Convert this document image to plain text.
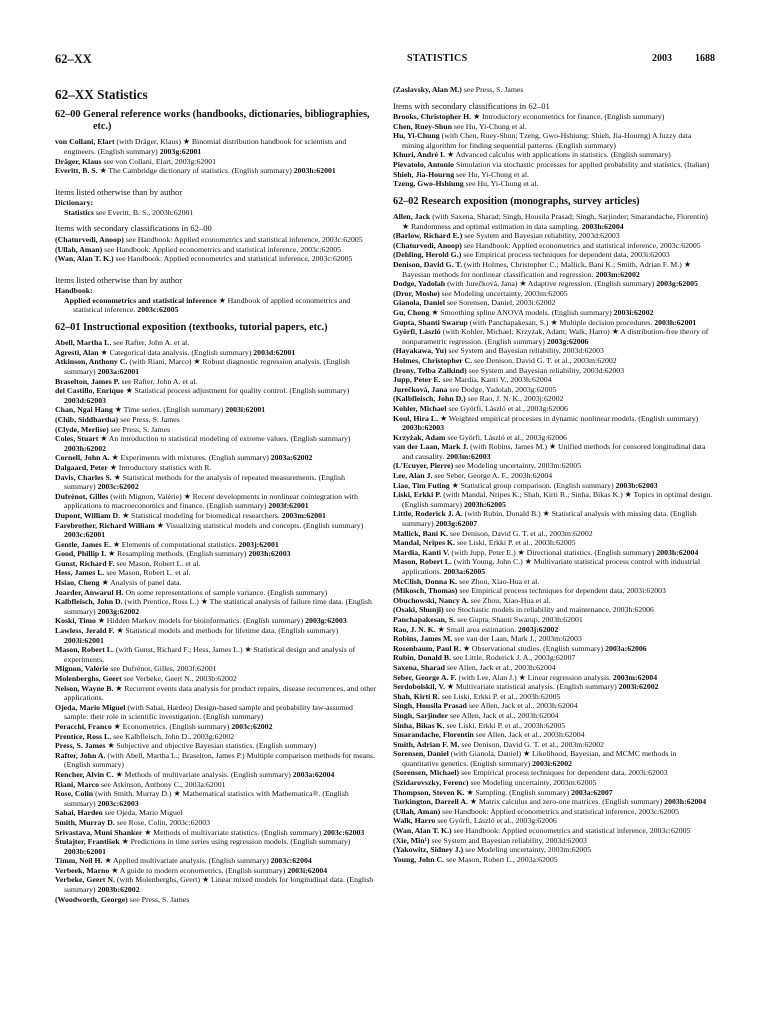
62–XX	STATISTICS	2003 1688
62–XX Statistics
62–00 General reference works (handbooks, dictionaries, bibliographies, etc.)
von Collani, Elart (with Dräger, Klaus) ★ Binomial distribution handbook for scientists and engineers. (English summary) 2003g:62001
Dräger, Klaus see von Collani, Elart, 2003g:62001
Everitt, B. S. ★ The Cambridge dictionary of statistics. (English summary) 2003h:62001
Items listed otherwise than by author
Dictionary:
Statistics see Everitt, B. S., 2003h:62001
Items with secondary classifications in 62–00
(Chaturvedi, Anoop) see Handbook: Applied econometrics and statistical inference, 2003c:62005
(Ullah, Aman) see Handbook: Applied econometrics and statistical inference, 2003c:62005
(Wan, Alan T. K.) see Handbook: Applied econometrics and statistical inference, 2003c:62005
Items listed otherwise than by author
Handbook:
Applied econometrics and statistical inference ★ Handbook of applied econometrics and statistical inference. 2003c:62005
62–01 Instructional exposition (textbooks, tutorial papers, etc.)
Abell, Martha L. see Rafter, John A. et al.
Agresti, Alan ★ Categorical data analysis. (English summary) 2003d:62001
Atkinson, Anthony C. (with Riani, Marco) ★ Robust diagnostic regression analysis. (English summary) 2003a:62001
Braselton, James P. see Rafter, John A. et al.
del Castillo, Enrique ★ Statistical process adjustment for quality control. (English summary) 2003d:62003
Chan, Ngai Hang ★ Time series. (English summary) 2003i:62001
(Chib, Siddhartha) see Press, S. James
(Clyde, Merlise) see Press, S. James
Coles, Stuart ★ An introduction to statistical modeling of extreme values. (English summary) 2003h:62002
Cornell, John A. ★ Experiments with mixtures. (English summary) 2003a:62002
Dalgaard, Peter ★ Introductory statistics with R.
Davis, Charles S. ★ Statistical methods for the analysis of repeated measurements. (English summary) 2003c:62002
Dufrénot, Gilles (with Mignon, Valérie) ★ Recent developments in nonlinear cointegration with applications to macroeconomics and finance. (English summary) 2003f:62001
Dupont, William D. ★ Statistical modeling for biomedical researchers. 2003m:62001
Farebrother, Richard William ★ Visualizing statistical models and concepts. (English summary) 2003c:62001
Gentle, James E. ★ Elements of computational statistics. 2003j:62001
Good, Phillip I. ★ Resampling methods. (English summary) 2003h:62003
Gunst, Richard F. see Mason, Robert L. et al.
Hess, James L. see Mason, Robert L. et al.
Hsiao, Cheng ★ Analysis of panel data.
Joarder, Anwarul H. On some representations of sample variance. (English summary)
Kalbfleisch, John D. (with Prentice, Ross L.) ★ The statistical analysis of failure time data. (English summary) 2003g:62002
Koski, Timo ★ Hidden Markov models for bioinformatics. (English summary) 2003g:62003
Lawless, Jerald F. ★ Statistical models and methods for lifetime data. (English summary) 2003i:62001
Mason, Robert L. (with Gunst, Richard F.; Hess, James L.) ★ Statistical design and analysis of experiments.
Mignon, Valérie see Dufrénot, Gilles, 2003f:62001
Molenberghs, Geert see Verbeke, Geert N., 2003b:62002
Nelson, Wayne B. ★ Recurrent events data analysis for product repairs, disease recurrences, and other applications.
Ojeda, Mario Miguel (with Sahai, Hardeo) Design-based sample and probability law-assumed sample: their role in scientific investigation. (English summary)
Peracchi, Franco ★ Econometrics. (English summary) 2003c:62002
Prentice, Ross L. see Kalbfleisch, John D., 2003g:62002
Press, S. James ★ Subjective and objective Bayesian statistics. (English summary)
Rafter, John A. (with Abell, Martha L.; Braselton, James P.) Multiple comparison methods for means. (English summary)
Rencher, Alvin C. ★ Methods of multivariate analysis. (English summary) 2003a:62004
Riani, Marco see Atkinson, Anthony C., 2003a:62001
Rose, Colin (with Smith, Murray D.) ★ Mathematical statistics with Mathematica®. (English summary) 2003c:62003
Sahai, Hardeo see Ojeda, Mario Miguel
Smith, Murray D. see Rose, Colin, 2003c:62003
Srivastava, Muni Shanker ★ Methods of multivariate statistics. (English summary) 2003c:62003
Štulajter, František ★ Predictions in time series using regression models. (English summary) 2003b:62001
Timm, Neil H. ★ Applied multivariate analysis. (English summary) 2003c:62004
Verbeek, Marno ★ A guide to modern econometrics. (English summary) 2003i:62004
Verbeke, Geert N. (with Molenberghs, Geert) ★ Linear mixed models for longitudinal data. (English summary) 2003b:62002
(Woodworth, George) see Press, S. James
(Zaslavsky, Alan M.) see Press, S. James
Items with secondary classifications in 62–01
Brooks, Christopher H. ★ Introductory econometrics for finance. (English summary)
Chen, Ruey-Shun see Hu, Yi-Chung et al.
Hu, Yi-Chung (with Chen, Ruey-Shun; Tzeng, Gwo-Hshiung; Shieh, Jia-Hourng) A fuzzy data mining algorithm for finding sequential patterns. (English summary)
Khuri, André I. ★ Advanced calculus with applications in statistics. (English summary)
Pievatolo, Antonio Simulation via stochastic processes for applied probability and statistics. (Italian)
Shieh, Jia-Hourng see Hu, Yi-Chung et al.
Tzeng, Gwo-Hshiung see Hu, Yi-Chung et al.
62–02 Research exposition (monographs, survey articles)
Allen, Jack (with Saxena, Sharad; Singh, Housila Prasad; Singh, Sarjinder; Smarandache, Florentin) ★ Randomness and optimal estimation in data sampling. 2003h:62004
(Barlow, Richard E.) see System and Bayesian reliability, 2003d:62003
(Chaturvedi, Anoop) see Handbook: Applied econometrics and statistical inference, 2003c:62005
(Dehling, Herold G.) see Empirical process techniques for dependent data, 2003i:62003
Denison, David G. T. (with Holmes, Christopher C.; Mallick, Bani K.; Smith, Adrian F. M.) ★ Bayesian methods for nonlinear classification and regression. 2003m:62002
Dodge, Yadolah (with Jurečková, Jana) ★ Adaptive regression. (English summary) 2003g:62005
(Dror, Moshe) see Modeling uncertainty, 2003m:62005
Gianola, Daniel see Sorensen, Daniel, 2003i:62002
Gu, Chong ★ Smoothing spline ANOVA models. (English summary) 2003i:62002
Gupta, Shanti Swarup (with Panchapakesan, S.) ★ Multiple decision procedures. 2003h:62001
Györfi, László (with Kohler, Michael; Krzyżak, Adam; Walk, Harro) ★ A distribution-free theory of nonparametric regression. (English summary) 2003g:62006
(Hayakawa, Yu) see System and Bayesian reliability, 2003d:62003
Holmes, Christopher C. see Denison, David G. T. et al., 2003m:62002
(Irony, Telba Zalkind) see System and Bayesian reliability, 2003d:62003
Jupp, Peter E. see Mardia, Kanti V., 2003h:62004
Jurečková, Jana see Dodge, Yadolah, 2003g:62005
(Kalbfleisch, John D.) see Rao, J. N. K., 2003j:62002
Kohler, Michael see Györfi, László et al., 2003g:62006
Koul, Hira L. ★ Weighted empirical processes in dynamic nonlinear models. (English summary) 2003b:62003
Krzyżak, Adam see Györfi, László et al., 2003g:62006
van der Laan, Mark J. (with Robins, James M.) ★ Unified methods for censored longitudinal data and causality. 2003m:62003
(L'Ecuyer, Pierre) see Modeling uncertainty, 2003m:62005
Lee, Alan J. see Seber, George A. F., 2003h:62004
Liao, Tim Futing ★ Statistical group comparison. (English summary) 2003b:62003
Liski, Erkki P. (with Mandal, Nripes K.; Shah, Kirti R.; Sinha, Bikas K.) ★ Topics in optimal design. (English summary) 2003h:62005
Little, Roderick J. A. (with Rubin, Donald B.) ★ Statistical analysis with missing data. (English summary) 2003g:62007
Mallick, Bani K. see Denison, David G. T. et al., 2003m:62002
Mandal, Nripes K. see Liski, Erkki P. et al., 2003h:62005
Mardia, Kanti V. (with Jupp, Peter E.) ★ Directional statistics. (English summary) 2003h:62004
Mason, Robert L. (with Young, John C.) ★ Multivariate statistical process control with industrial applications. 2003a:62005
McClish, Donna K. see Zhou, Xiao-Hua et al.
(Mikosch, Thomas) see Empirical process techniques for dependent data, 2003i:62003
Obuchowski, Nancy A. see Zhou, Xiao-Hua et al.
(Osaki, Shunji) see Stochastic models in reliability and maintenance, 2003h:62006
Panchapakesan, S. see Gupta, Shanti Swarup, 2003h:62001
Rao, J. N. K. ★ Small area estimation. 2003j:62002
Robins, James M. see van der Laan, Mark J., 2003m:62003
Rosenbaum, Paul R. ★ Observational studies. (English summary) 2003a:62006
Rubin, Donald B. see Little, Roderick J. A., 2003g:62007
Saxena, Sharad see Allen, Jack et al., 2003h:62004
Seber, George A. F. (with Lee, Alan J.) ★ Linear regression analysis. 2003m:62004
Serdobolskii, V. ★ Multivariate statistical analysis. (English summary) 2003i:62002
Shah, Kirti R. see Liski, Erkki P. et al., 2003h:62005
Singh, Housila Prasad see Allen, Jack et al., 2003h:62004
Singh, Sarjinder see Allen, Jack et al., 2003h:62004
Sinha, Bikas K. see Liski, Erkki P. et al., 2003h:62005
Smarandache, Florentin see Allen, Jack et al., 2003h:62004
Smith, Adrian F. M. see Denison, David G. T. et al., 2003m:62002
Sorensen, Daniel (with Gianola, Daniel) ★ Likelihood, Bayesian, and MCMC methods in quantitative genetics. (English summary) 2003i:62002
(Sorensen, Michael) see Empirical process techniques for dependent data, 2003i:62003
(Szidarovszky, Ferenc) see Modeling uncertainty, 2003m:62005
Thompson, Steven K. ★ Sampling. (English summary) 2003a:62007
Turkington, Darrell A. ★ Matrix calculus and zero-one matrices. (English summary) 2003h:62004
(Ullah, Aman) see Handbook: Applied econometrics and statistical inference, 2003c:62005
Walk, Harro see Györfi, László et al., 2003g:62006
(Wan, Alan T. K.) see Handbook: Applied econometrics and statistical inference, 2003c:62005
(Xie, Min¹) see System and Bayesian reliability, 2003d:62003
(Yakowitz, Sidney J.) see Modeling uncertainty, 2003m:62005
Young, John C. see Mason, Robert L., 2003a:62005
